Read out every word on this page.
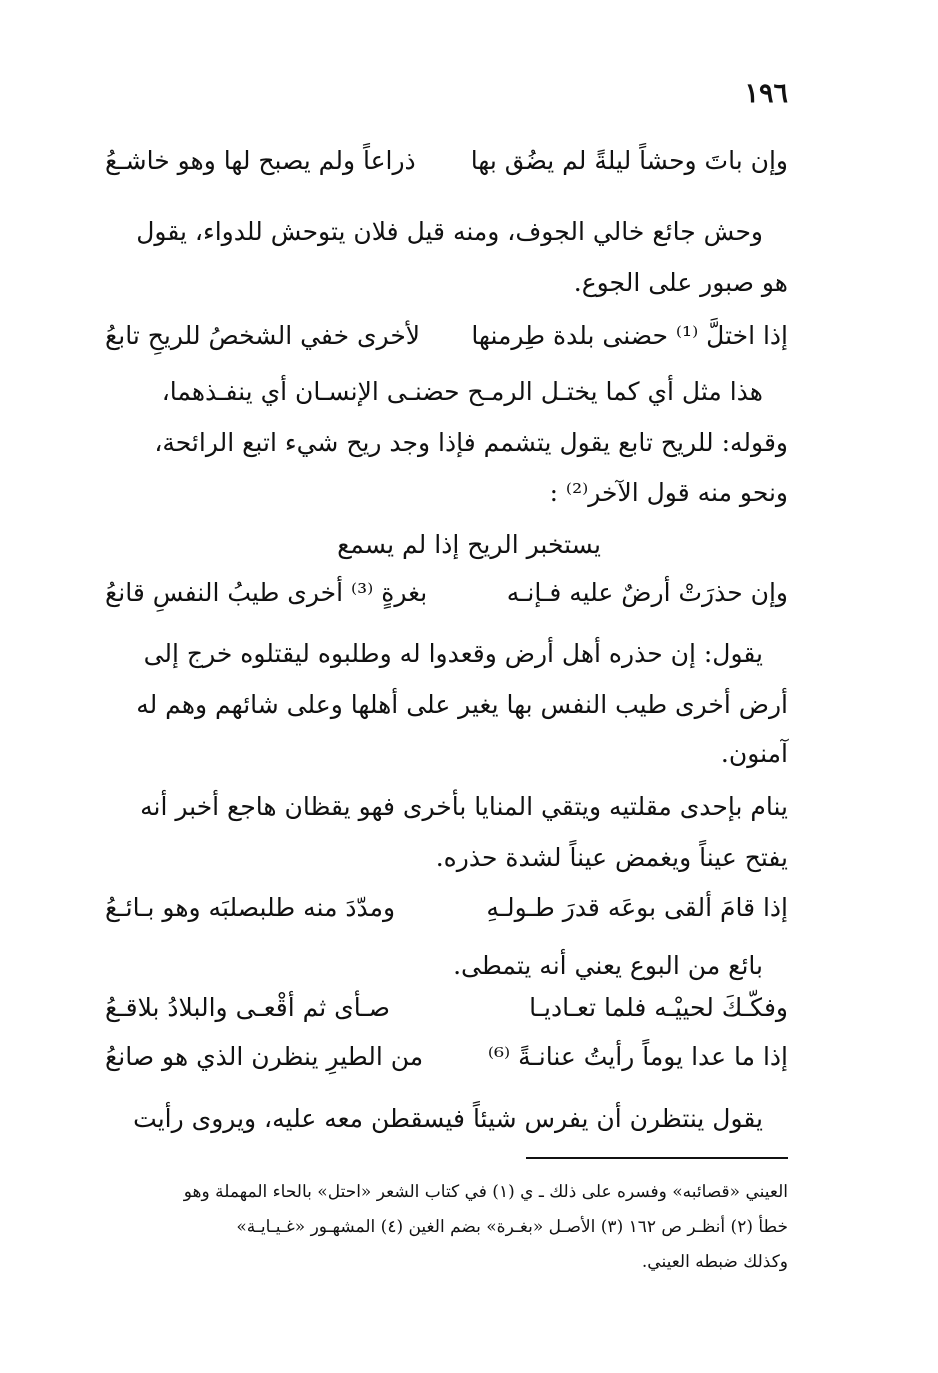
١٩٦
وإن باتَ وحشاً ليلةً لم يضُق بها
ذراعاً ولم يصبح لها وهو خاشـعُ
وحش جائع خالي الجوف، ومنه قيل فلان يتوحش للدواء، يقول
هو صبور على الجوع.
إذا اختلَّ ⁽¹⁾ حضنى بلدة طِرمنها
لأخرى خفي الشخصُ للريحِ تابعُ
هذا مثل أي كما يختـل الرمـح حضنـى الإنسـان أي ينفـذهما،
وقوله: للريح تابع يقول يتشمم فإذا وجد ريح شيء اتبع الرائحة،
ونحو منه قول الآخر⁽²⁾ :
يستخبر الريح إذا لم يسمع
وإن حذرَتْ أرضٌ عليه فـإنـه
بغرةٍ ⁽³⁾ أخرى طيبُ النفسِ قانعُ
يقول: إن حذره أهل أرض وقعدوا له وطلبوه ليقتلوه خرج إلى
أرض أخرى طيب النفس بها يغير على أهلها وعلى شائهم وهم له
آمنون.
ينام بإحدى مقلتيه ويتقي المنايا بأخرى فهو يقظان هاجع أخبر أنه
يفتح عيناً ويغمض عيناً لشدة حذره.
إذا قامَ ألقى بوعَه قدرَ طـولـهِ
ومدّدَ منه طلبصلبَه وهو بـائـعُ
بائع من البوع يعني أنه يتمطى.
وفكّـكَ لحييْـه فلما تعـاديـا
صـأى ثم أقْعـى والبلادُ بلاقـعُ
إذا ما عدا يوماً رأيتُ عنانـةً ⁽⁶⁾
من الطيرِ ينظرن الذي هو صانعُ
يقول ينتظرن أن يفرس شيئاً فيسقطن معه عليه، ويروى رأيت
العيني «قصائبه» وفسره على ذلك ـ ي (١) في كتاب الشعر «احتل» بالحاء المهملة وهو
خطأ (٢) أنظـر ص ١٦٢ (٣) الأصـل «بغـرة» بضم الغين (٤) المشهـور «غـيـايـة»
وكذلك ضبطه العيني.
